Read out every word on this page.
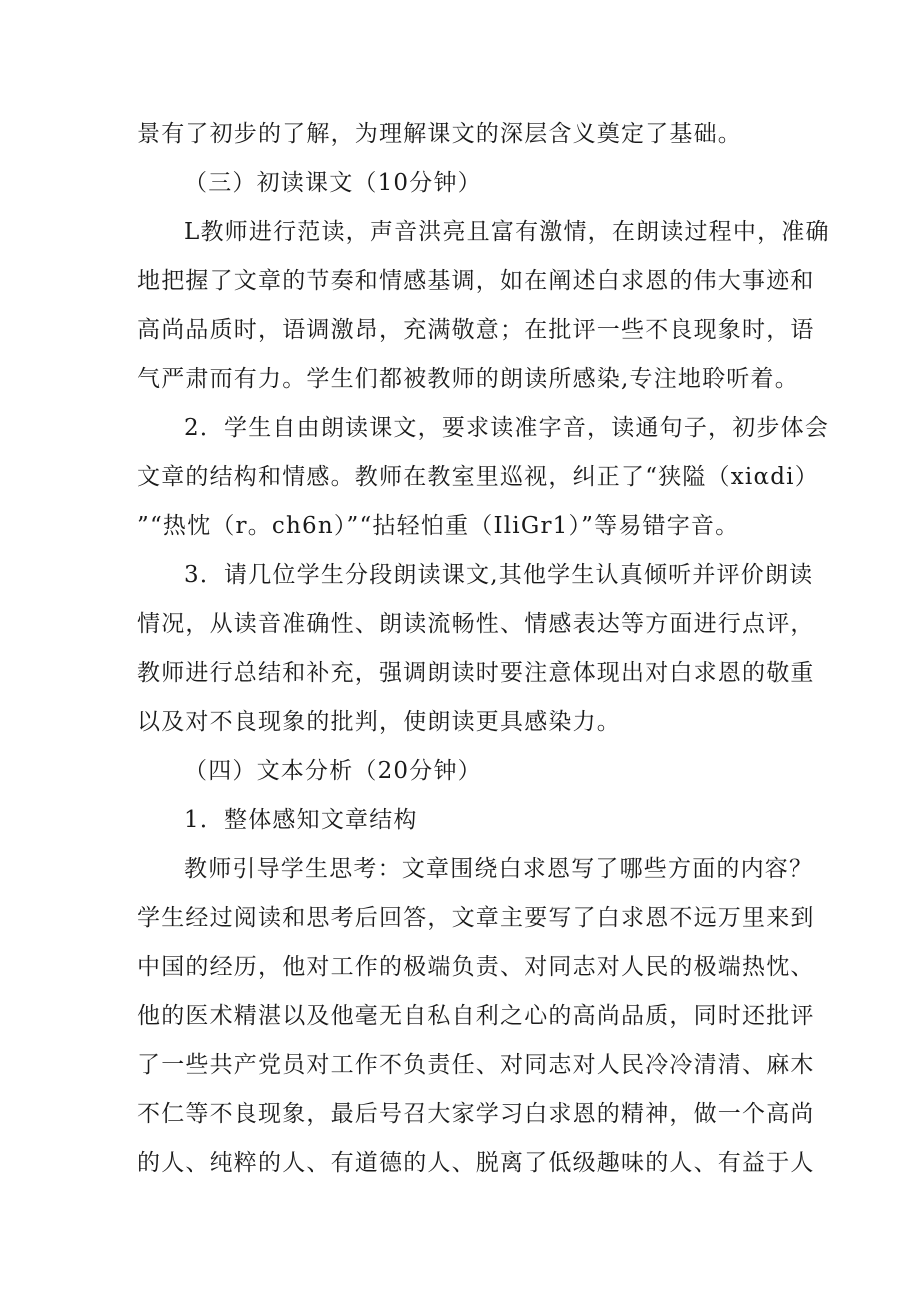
景有了初步的了解，为理解课文的深层含义奠定了基础。
（三）初读课文（10分钟）
L教师进行范读，声音洪亮且富有激情，在朗读过程中，准确
地把握了文章的节奏和情感基调，如在阐述白求恩的伟大事迹和
高尚品质时，语调激昂，充满敬意；在批评一些不良现象时，语
气严肃而有力。学生们都被教师的朗读所感染,专注地聆听着。
2．学生自由朗读课文，要求读准字音，读通句子，初步体会
文章的结构和情感。教师在教室里巡视，纠正了“狭隘（xiαdi）
”“热忱（r。ch6n）”“拈轻怕重（IliGr1）”等易错字音。
3．请几位学生分段朗读课文,其他学生认真倾听并评价朗读
情况，从读音准确性、朗读流畅性、情感表达等方面进行点评，
教师进行总结和补充，强调朗读时要注意体现出对白求恩的敬重
以及对不良现象的批判，使朗读更具感染力。
（四）文本分析（20分钟）
1．整体感知文章结构
教师引导学生思考：文章围绕白求恩写了哪些方面的内容？
学生经过阅读和思考后回答，文章主要写了白求恩不远万里来到
中国的经历，他对工作的极端负责、对同志对人民的极端热忱、
他的医术精湛以及他毫无自私自利之心的高尚品质，同时还批评
了一些共产党员对工作不负责任、对同志对人民冷冷清清、麻木
不仁等不良现象，最后号召大家学习白求恩的精神，做一个高尚
的人、纯粹的人、有道德的人、脱离了低级趣味的人、有益于人
